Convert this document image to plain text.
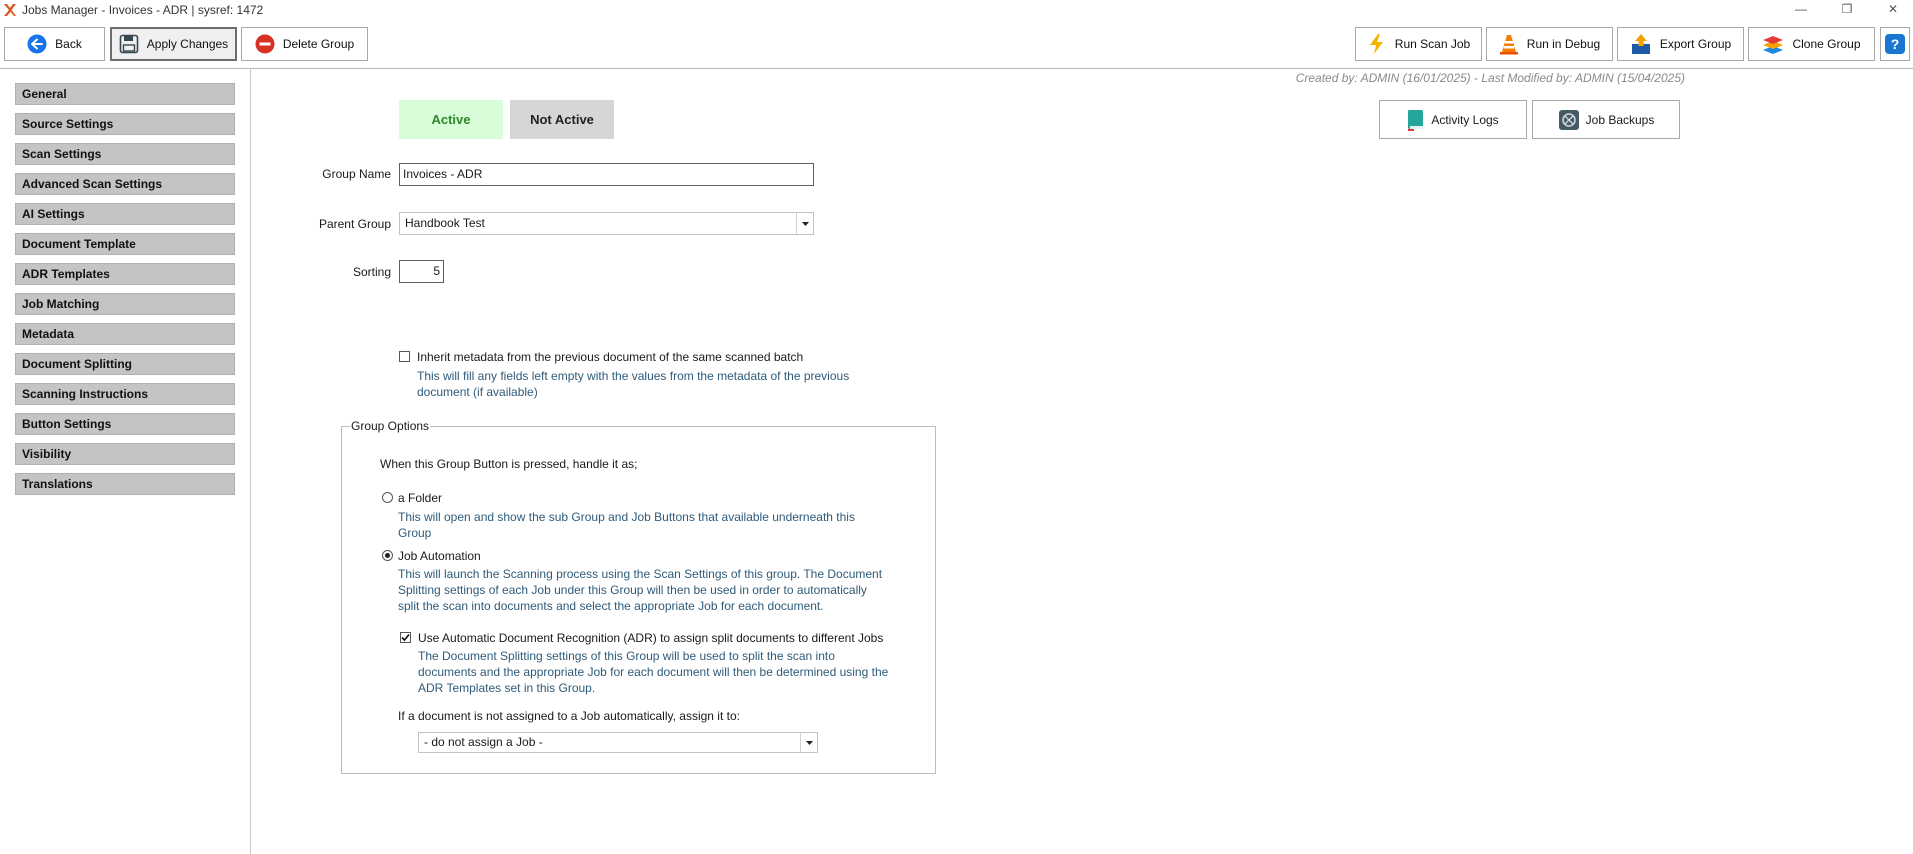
Jobs Manager - Invoices - ADR | sysref: 1472	—	❐	✕
Back	Apply Changes	Delete Group	Run Scan Job	Run in Debug	Export Group	Clone Group ?
General
Source Settings
Scan Settings
Advanced Scan Settings
AI Settings
Document Template
ADR Templates
Job Matching
Metadata
Document Splitting
Scanning Instructions
Button Settings
Visibility
Translations
Created by: ADMIN (16/01/2025) - Last Modified by: ADMIN (15/04/2025)
Active	Not Active	Activity Logs	Job Backups
Group Name	Invoices - ADR
Parent Group	Handbook Test
Sorting	5
Inherit metadata from the previous document of the same scanned batch
This will fill any fields left empty with the values from the metadata of the previous
document (if available)
Group Options
When this Group Button is pressed, handle it as;
a Folder
This will open and show the sub Group and Job Buttons that available underneath this
Group
Job Automation
This will launch the Scanning process using the Scan Settings of this group. The Document
Splitting settings of each Job under this Group will then be used in order to automatically
split the scan into documents and select the appropriate Job for each document.
Use Automatic Document Recognition (ADR) to assign split documents to different Jobs
The Document Splitting settings of this Group will be used to split the scan into
documents and the appropriate Job for each document will then be determined using the
ADR Templates set in this Group.
If a document is not assigned to a Job automatically, assign it to:
- do not assign a Job -
